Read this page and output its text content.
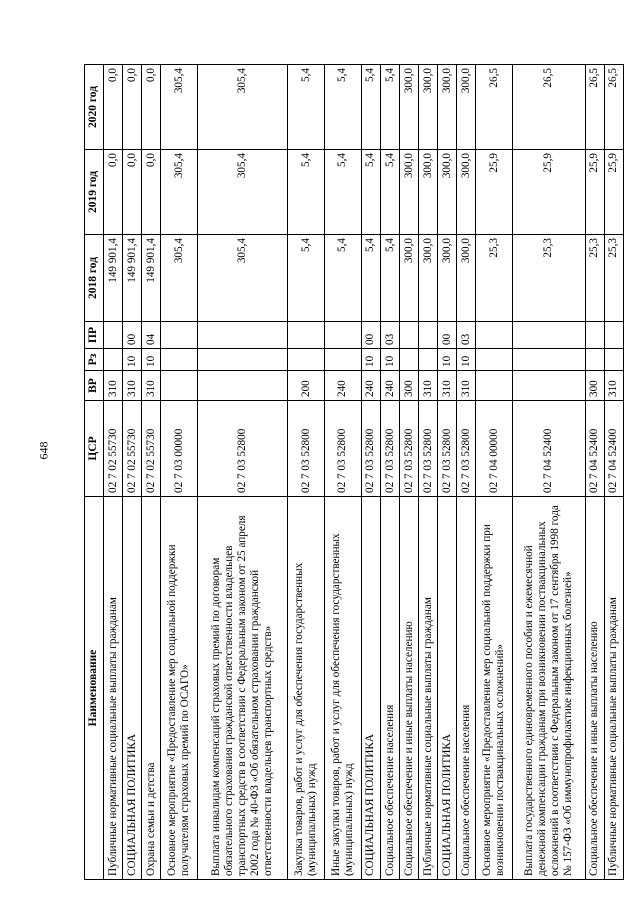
648
Наименование	ЦСР	ВР	Рз	ПР	2018 год	2019 год	2020 год
Публичные нормативные социальные выплаты гражданам	02 7 02 55730	310			149 901,4	0,0	0,0
СОЦИАЛЬНАЯ ПОЛИТИКА	02 7 02 55730	310	10	00	149 901,4	0,0	0,0
Охрана семьи и детства	02 7 02 55730	310	10	04	149 901,4	0,0	0,0
Основное мероприятие «Предоставление мер социальной поддержки получателям страховых премий по ОСАГО»	02 7 03 00000				305,4	305,4	305,4
Выплата инвалидам компенсаций страховых премий по договорам обязательного страхования гражданской ответственности владельцев транспортных средств в соответствии с Федеральным законом от 25 апреля 2002 года № 40-ФЗ «Об обязательном страховании гражданской ответственности владельцев транспортных средств»	02 7 03 52800				305,4	305,4	305,4
Закупка товаров, работ и услуг для обеспечения государственных (муниципальных) нужд	02 7 03 52800	200			5,4	5,4	5,4
Иные закупки товаров, работ и услуг для обеспечения государственных (муниципальных) нужд	02 7 03 52800	240			5,4	5,4	5,4
СОЦИАЛЬНАЯ ПОЛИТИКА	02 7 03 52800	240	10	00	5,4	5,4	5,4
Социальное обеспечение населения	02 7 03 52800	240	10	03	5,4	5,4	5,4
Социальное обеспечение и иные выплаты населению	02 7 03 52800	300			300,0	300,0	300,0
Публичные нормативные социальные выплаты гражданам	02 7 03 52800	310			300,0	300,0	300,0
СОЦИАЛЬНАЯ ПОЛИТИКА	02 7 03 52800	310	10	00	300,0	300,0	300,0
Социальное обеспечение населения	02 7 03 52800	310	10	03	300,0	300,0	300,0
Основное мероприятие «Предоставление мер социальной поддержки при возникновении поствакцинальных осложнений»	02 7 04 00000				25,3	25,9	26,5
Выплата государственного единовременного пособия и ежемесячной денежной компенсации гражданам при возникновении поствакцинальных осложнений в соответствии с Федеральным законом от 17 сентября 1998 года № 157-ФЗ «Об иммунопрофилактике инфекционных болезней»	02 7 04 52400				25,3	25,9	26,5
Социальное обеспечение и иные выплаты населению	02 7 04 52400	300			25,3	25,9	26,5
Публичные нормативные социальные выплаты гражданам	02 7 04 52400	310			25,3	25,9	26,5
